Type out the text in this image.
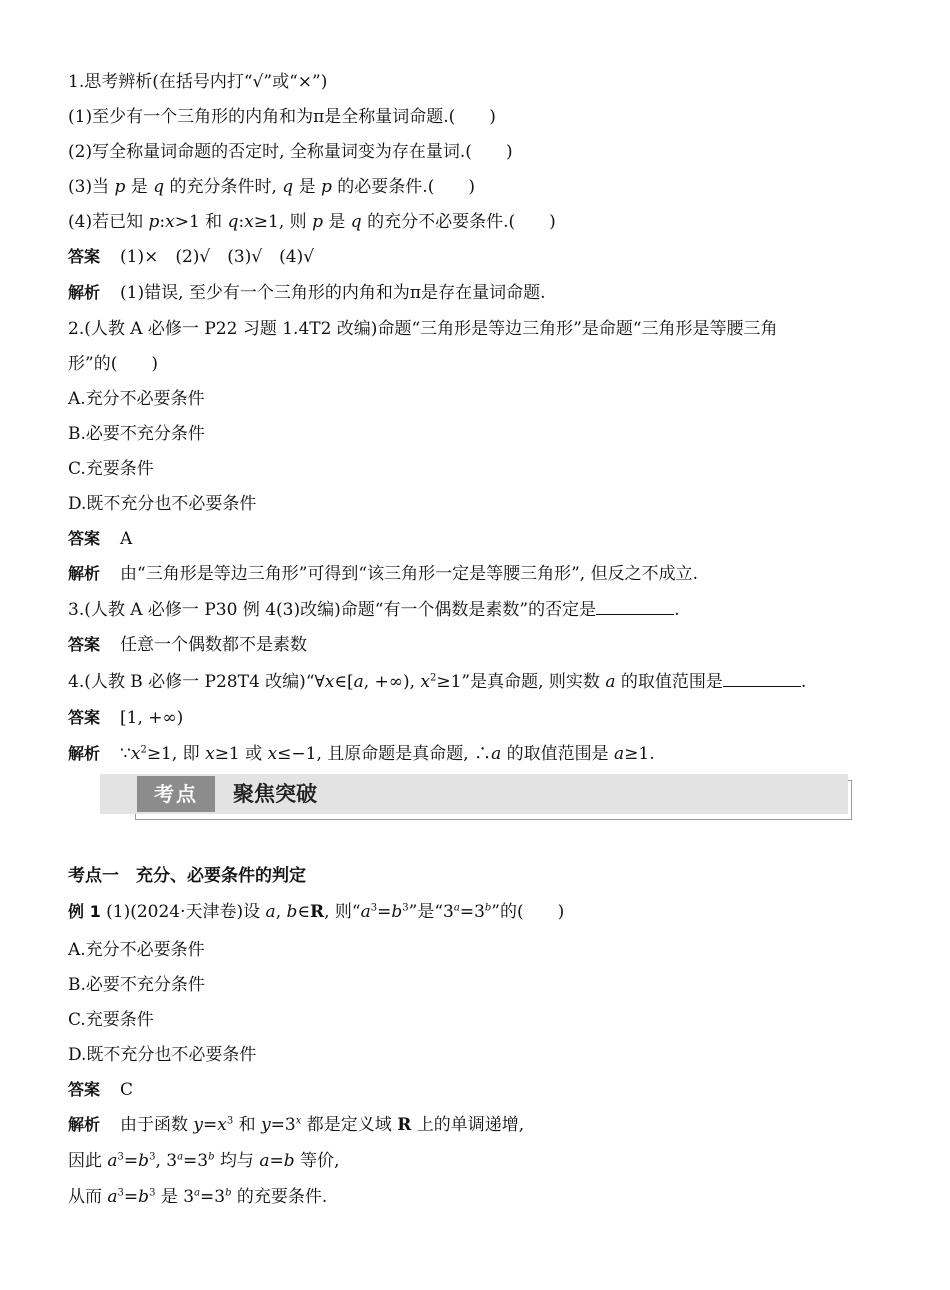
1.思考辨析(在括号内打“√”或“×”)
(1)至少有一个三角形的内角和为π是全称量词命题.( )
(2)写全称量词命题的否定时, 全称量词变为存在量词.( )
(3)当 p 是 q 的充分条件时, q 是 p 的必要条件.( )
(4)若已知 p:x>1 和 q:x≥1, 则 p 是 q 的充分不必要条件.( )
答案 (1)×　(2)√　(3)√　(4)√
解析 (1)错误, 至少有一个三角形的内角和为π是存在量词命题.
2.(人教 A 必修一 P22 习题 1.4T2 改编)命题“三角形是等边三角形”是命题“三角形是等腰三角
形”的( )
A.充分不必要条件
B.必要不充分条件
C.充要条件
D.既不充分也不必要条件
答案 A
解析 由“三角形是等边三角形”可得到“该三角形一定是等腰三角形”, 但反之不成立.
3.(人教 A 必修一 P30 例 4(3)改编)命题“有一个偶数是素数”的否定是	.
答案 任意一个偶数都不是素数
4.(人教 B 必修一 P28T4 改编)“∀x∈[a, +∞), $x^2\ge 1$”是真命题, 则实数 a 的取值范围是	.
答案 [1, +∞)
解析 $\because x^2\ge 1$, 即 x≥1 或 x≤−1, 且原命题是真命题, ∴a 的取值范围是 a≥1.
考点	聚焦突破
考点一　充分、必要条件的判定
例 1 (1)(2024·天津卷)设 a, b∈R, 则“$a^3=b^3$”是“$3^a=3^b$”的( )
A.充分不必要条件
B.必要不充分条件
C.充要条件
D.既不充分也不必要条件
答案 C
解析 由于函数 $y=x^3$ 和 $y=3^x$ 都是定义域 R 上的单调递增,
因此 $a^3=b^3$, $3^a=3^b$ 均与 a=b 等价,
从而 $a^3=b^3$ 是 $3^a=3^b$ 的充要条件.
